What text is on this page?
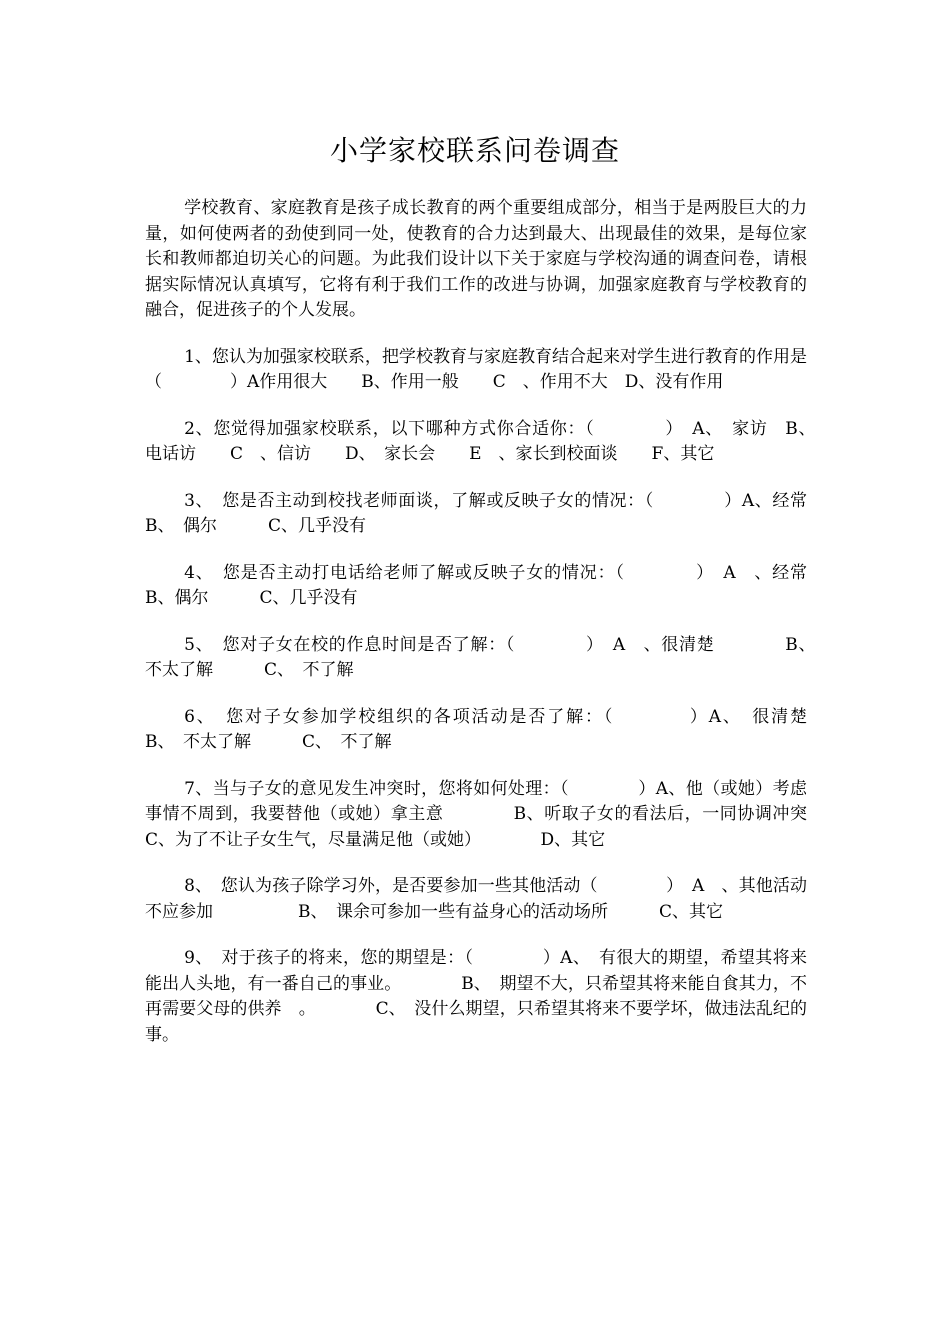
小学家校联系问卷调查

学校教育、家庭教育是孩子成长教育的两个重要组成部分，相当于是两股巨大的力量，如何使两者的劲使到同一处，使教育的合力达到最大、出现最佳的效果，是每位家长和教师都迫切关心的问题。为此我们设计以下关于家庭与学校沟通的调查问卷，请根据实际情况认真填写，它将有利于我们工作的改进与协调，加强家庭教育与学校教育的融合，促进孩子的个人发展。

1、您认为加强家校联系，把学校教育与家庭教育结合起来对学生进行教育的作用是（　　　　）A作用很大　　B、作用一般　　C　、作用不大　D、没有作用

2、您觉得加强家校联系，以下哪种方式你合适你：（　　　　）　A、　家访　B、　电话访　　C　、信访　　D、　家长会　　E　、家长到校面谈　　F、其它

3、　您是否主动到校找老师面谈，了解或反映子女的情况：（　　　　）A、经常　　B、　偶尔　　　C、几乎没有

4、　您是否主动打电话给老师了解或反映子女的情况：（　　　　）　A　、经常　B、偶尔　　　C、几乎没有

5、　您对子女在校的作息时间是否了解：（　　　　）　A　、很清楚　　　　B、　不太了解　　　C、　不了解

6、　您对子女参加学校组织的各项活动是否了解：（　　　　）A、　很清楚　　　B、　不太了解　　　C、　不了解

7、当与子女的意见发生冲突时，您将如何处理：（　　　　）A、他（或她）考虑事情不周到，我要替他（或她）拿主意　　　　B、听取子女的看法后，一同协调冲突　　　　C、为了不让子女生气，尽量满足他（或她）　　　　D、其它

8、　您认为孩子除学习外，是否要参加一些其他活动（　　　　）　A　、其他活动不应参加　　　　　B、　课余可参加一些有益身心的活动场所　　　C、其它

9、　对于孩子的将来，您的期望是：（　　　　）A、　有很大的期望，希望其将来能出人头地，有一番自己的事业。　　　　B、　期望不大，只希望其将来能自食其力，不再需要父母的供养　。　　　　C、　没什么期望，只希望其将来不要学坏，做违法乱纪的事。
